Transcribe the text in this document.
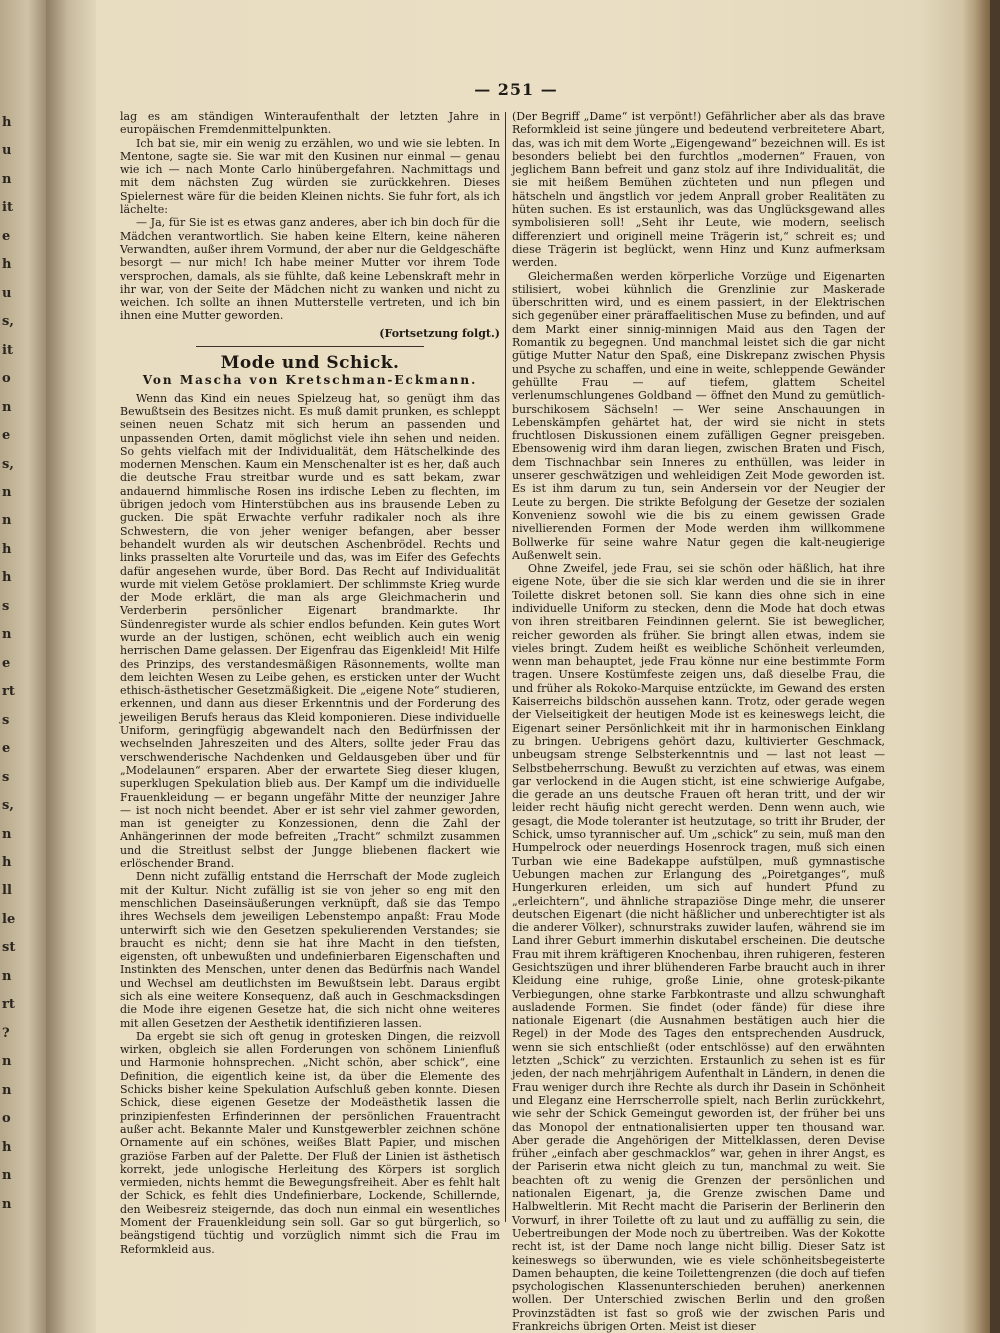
h
u
n
it
e
h
u
s,
it
o
n
e
s,
n
n
h
h
s
n
e
rt
s
e
s
s,
n
h
ll
le
st
n
rt
?
n
n
o
h
n
n
— 251 —

lag es am ständigen Winteraufenthalt der letzten Jahre in europäischen Fremdenmittelpunkten.

Ich bat sie, mir ein wenig zu erzählen, wo und wie sie lebten. In Mentone, sagte sie. Sie war mit den Kusinen nur einmal — genau wie ich — nach Monte Carlo hinübergefahren. Nachmittags und mit dem nächsten Zug würden sie zurückkehren. Dieses Spielernest wäre für die beiden Kleinen nichts. Sie fuhr fort, als ich lächelte:

— Ja, für Sie ist es etwas ganz anderes, aber ich bin doch für die Mädchen verantwortlich. Sie haben keine Eltern, keine näheren Verwandten, außer ihrem Vormund, der aber nur die Geldgeschäfte besorgt — nur mich! Ich habe meiner Mutter vor ihrem Tode versprochen, damals, als sie fühlte, daß keine Lebenskraft mehr in ihr war, von der Seite der Mädchen nicht zu wanken und nicht zu weichen. Ich sollte an ihnen Mutterstelle vertreten, und ich bin ihnen eine Mutter geworden.

(Fortsetzung folgt.)

Mode und Schick.
Von Mascha von Kretschman-Eckmann.

Wenn das Kind ein neues Spielzeug hat, so genügt ihm das Bewußtsein des Besitzes nicht. Es muß damit prunken, es schleppt seinen neuen Schatz mit sich herum an passenden und unpassenden Orten, damit möglichst viele ihn sehen und neiden. So gehts vielfach mit der Individualität, dem Hätschelkinde des modernen Menschen. Kaum ein Menschenalter ist es her, daß auch die deutsche Frau streitbar wurde und es satt bekam, zwar andauernd himmlische Rosen ins irdische Leben zu flechten, im übrigen jedoch vom Hinterstübchen aus ins brausende Leben zu gucken. Die spät Erwachte verfuhr radikaler noch als ihre Schwestern, die von jeher weniger befangen, aber besser behandelt wurden als wir deutschen Aschenbrödel. Rechts und links prasselten alte Vorurteile und das, was im Eifer des Gefechts dafür angesehen wurde, über Bord. Das Recht auf Individualität wurde mit vielem Getöse proklamiert. Der schlimmste Krieg wurde der Mode erklärt, die man als arge Gleichmacherin und Verderberin persönlicher Eigenart brandmarkte. Ihr Sündenregister wurde als schier endlos befunden. Kein gutes Wort wurde an der lustigen, schönen, echt weiblich auch ein wenig herrischen Dame gelassen. Der Eigenfrau das Eigenkleid! Mit Hilfe des Prinzips, des verstandesmäßigen Räsonnements, wollte man dem leichten Wesen zu Leibe gehen, es ersticken unter der Wucht ethisch-ästhetischer Gesetzmäßigkeit. Die „eigene Note“ studieren, erkennen, und dann aus dieser Erkenntnis und der Forderung des jeweiligen Berufs heraus das Kleid komponieren. Diese individuelle Uniform, geringfügig abgewandelt nach den Bedürfnissen der wechselnden Jahreszeiten und des Alters, sollte jeder Frau das verschwenderische Nachdenken und Geldausgeben über und für „Modelaunen“ ersparen. Aber der erwartete Sieg dieser klugen, superklugen Spekulation blieb aus. Der Kampf um die individuelle Frauenkleidung — er begann ungefähr Mitte der neunziger Jahre — ist noch nicht beendet. Aber er ist sehr viel zahmer geworden, man ist geneigter zu Konzessionen, denn die Zahl der Anhängerinnen der mode befreiten „Tracht“ schmilzt zusammen und die Streitlust selbst der Jungge bliebenen flackert wie erlöschender Brand.

Denn nicht zufällig entstand die Herrschaft der Mode zugleich mit der Kultur. Nicht zufällig ist sie von jeher so eng mit den menschlichen Daseinsäußerungen verknüpft, daß sie das Tempo ihres Wechsels dem jeweiligen Lebenstempo anpaßt: Frau Mode unterwirft sich wie den Gesetzen spekulierenden Verstandes; sie braucht es nicht; denn sie hat ihre Macht in den tiefsten, eigensten, oft unbewußten und undefinierbaren Eigenschaften und Instinkten des Menschen, unter denen das Bedürfnis nach Wandel und Wechsel am deutlichsten im Bewußtsein lebt. Daraus ergibt sich als eine weitere Konsequenz, daß auch in Geschmacksdingen die Mode ihre eigenen Gesetze hat, die sich nicht ohne weiteres mit allen Gesetzen der Aesthetik identifizieren lassen.

Da ergebt sie sich oft genug in grotesken Dingen, die reizvoll wirken, obgleich sie allen Forderungen von schönem Linienfluß und Harmonie hohnsprechen. „Nicht schön, aber schick“, eine Definition, die eigentlich keine ist, da über die Elemente des Schicks bisher keine Spekulation Aufschluß geben konnte. Diesen Schick, diese eigenen Gesetze der Modeästhetik lassen die prinzipienfesten Erfinderinnen der persönlichen Frauentracht außer acht. Bekannte Maler und Kunstgewerbler zeichnen schöne Ornamente auf ein schönes, weißes Blatt Papier, und mischen graziöse Farben auf der Palette. Der Fluß der Linien ist ästhetisch korrekt, jede unlogische Herleitung des Körpers ist sorglich vermieden, nichts hemmt die Bewegungsfreiheit. Aber es fehlt halt der Schick, es fehlt dies Undefinierbare, Lockende, Schillernde, den Weibesreiz steigernde, das doch nun einmal ein wesentliches Moment der Frauenkleidung sein soll. Gar so gut bürgerlich, so beängstigend tüchtig und vorzüglich nimmt sich die Frau im Reformkleid aus.

(Der Begriff „Dame“ ist verpönt!) Gefährlicher aber als das brave Reformkleid ist seine jüngere und bedeutend verbreitetere Abart, das, was ich mit dem Worte „Eigengewand“ bezeichnen will. Es ist besonders beliebt bei den furchtlos „modernen“ Frauen, von jeglichem Bann befreit und ganz stolz auf ihre Individualität, die sie mit heißem Bemühen züchteten und nun pflegen und hätscheln und ängstlich vor jedem Anprall grober Realitäten zu hüten suchen. Es ist erstaunlich, was das Unglücksgewand alles symbolisieren soll! „Seht ihr Leute, wie modern, seelisch differenziert und originell meine Trägerin ist,“ schreit es; und diese Trägerin ist beglückt, wenn Hinz und Kunz aufmerksam werden.

Gleichermaßen werden körperliche Vorzüge und Eigenarten stilisiert, wobei kühnlich die Grenzlinie zur Maskerade überschritten wird, und es einem passiert, in der Elektrischen sich gegenüber einer präraffaelitischen Muse zu befinden, und auf dem Markt einer sinnig-minnigen Maid aus den Tagen der Romantik zu begegnen. Und manchmal leistet sich die gar nicht gütige Mutter Natur den Spaß, eine Diskrepanz zwischen Physis und Psyche zu schaffen, und eine in weite, schleppende Gewänder gehüllte Frau — auf tiefem, glattem Scheitel verlenumschlungenes Goldband — öffnet den Mund zu gemütlich-burschikosem Sächseln! — Wer seine Anschauungen in Lebenskämpfen gehärtet hat, der wird sie nicht in stets fruchtlosen Diskussionen einem zufälligen Gegner preisgeben. Ebensowenig wird ihm daran liegen, zwischen Braten und Fisch, dem Tischnachbar sein Inneres zu enthüllen, was leider in unserer geschwätzigen und wehleidigen Zeit Mode geworden ist. Es ist ihm darum zu tun, sein Andersein vor der Neugier der Leute zu bergen. Die strikte Befolgung der Gesetze der sozialen Konvenienz sowohl wie die bis zu einem gewissen Grade nivellierenden Formen der Mode werden ihm willkommene Bollwerke für seine wahre Natur gegen die kalt-neugierige Außenwelt sein.

Ohne Zweifel, jede Frau, sei sie schön oder häßlich, hat ihre eigene Note, über die sie sich klar werden und die sie in ihrer Toilette diskret betonen soll. Sie kann dies ohne sich in eine individuelle Uniform zu stecken, denn die Mode hat doch etwas von ihren streitbaren Feindinnen gelernt. Sie ist beweglicher, reicher geworden als früher. Sie bringt allen etwas, indem sie vieles bringt. Zudem heißt es weibliche Schönheit verleumden, wenn man behauptet, jede Frau könne nur eine bestimmte Form tragen. Unsere Kostümfeste zeigen uns, daß dieselbe Frau, die und früher als Rokoko-Marquise entzückte, im Gewand des ersten Kaiserreichs bildschön aussehen kann. Trotz, oder gerade wegen der Vielseitigkeit der heutigen Mode ist es keineswegs leicht, die Eigenart seiner Persönlichkeit mit ihr in harmonischen Einklang zu bringen. Uebrigens gehört dazu, kultivierter Geschmack, unbeugsam strenge Selbsterkenntnis und — last not least — Selbstbeherrschung. Bewußt zu verzichten auf etwas, was einem gar verlockend in die Augen sticht, ist eine schwierige Aufgabe, die gerade an uns deutsche Frauen oft heran tritt, und der wir leider recht häufig nicht gerecht werden. Denn wenn auch, wie gesagt, die Mode toleranter ist heutzutage, so tritt ihr Bruder, der Schick, umso tyrannischer auf. Um „schick“ zu sein, muß man den Humpelrock oder neuerdings Hosenrock tragen, muß sich einen Turban wie eine Badekappe aufstülpen, muß gymnastische Uebungen machen zur Erlangung des „Poiretganges“, muß Hungerkuren erleiden, um sich auf hundert Pfund zu „erleichtern“, und ähnliche strapaziöse Dinge mehr, die unserer deutschen Eigenart (die nicht häßlicher und unberechtigter ist als die anderer Völker), schnurstraks zuwider laufen, während sie im Land ihrer Geburt immerhin diskutabel erscheinen. Die deutsche Frau mit ihrem kräftigeren Knochenbau, ihren ruhigeren, festeren Gesichtszügen und ihrer blühenderen Farbe braucht auch in ihrer Kleidung eine ruhige, große Linie, ohne grotesk-pikante Verbiegungen, ohne starke Farbkontraste und allzu schwunghaft ausladende Formen. Sie findet (oder fände) für diese ihre nationale Eigenart (die Ausnahmen bestätigen auch hier die Regel) in der Mode des Tages den entsprechenden Ausdruck, wenn sie sich entschließt (oder entschlösse) auf den erwähnten letzten „Schick“ zu verzichten. Erstaunlich zu sehen ist es für jeden, der nach mehrjährigem Aufenthalt in Ländern, in denen die Frau weniger durch ihre Rechte als durch ihr Dasein in Schönheit und Eleganz eine Herrscherrolle spielt, nach Berlin zurückkehrt, wie sehr der Schick Gemeingut geworden ist, der früher bei uns das Monopol der entnationalisierten upper ten thousand war. Aber gerade die Angehörigen der Mittelklassen, deren Devise früher „einfach aber geschmacklos“ war, gehen in ihrer Angst, es der Pariserin etwa nicht gleich zu tun, manchmal zu weit. Sie beachten oft zu wenig die Grenzen der persönlichen und nationalen Eigenart, ja, die Grenze zwischen Dame und Halbweltlerin. Mit Recht macht die Pariserin der Berlinerin den Vorwurf, in ihrer Toilette oft zu laut und zu auffällig zu sein, die Uebertreibungen der Mode noch zu übertreiben. Was der Kokotte recht ist, ist der Dame noch lange nicht billig. Dieser Satz ist keineswegs so überwunden, wie es viele schönheitsbegeisterte Damen behaupten, die keine Toilettengrenzen (die doch auf tiefen psychologischen Klassenunterschieden beruhen) anerkennen wollen. Der Unterschied zwischen Berlin und den großen Provinzstädten ist fast so groß wie der zwischen Paris und Frankreichs übrigen Orten. Meist ist dieser
